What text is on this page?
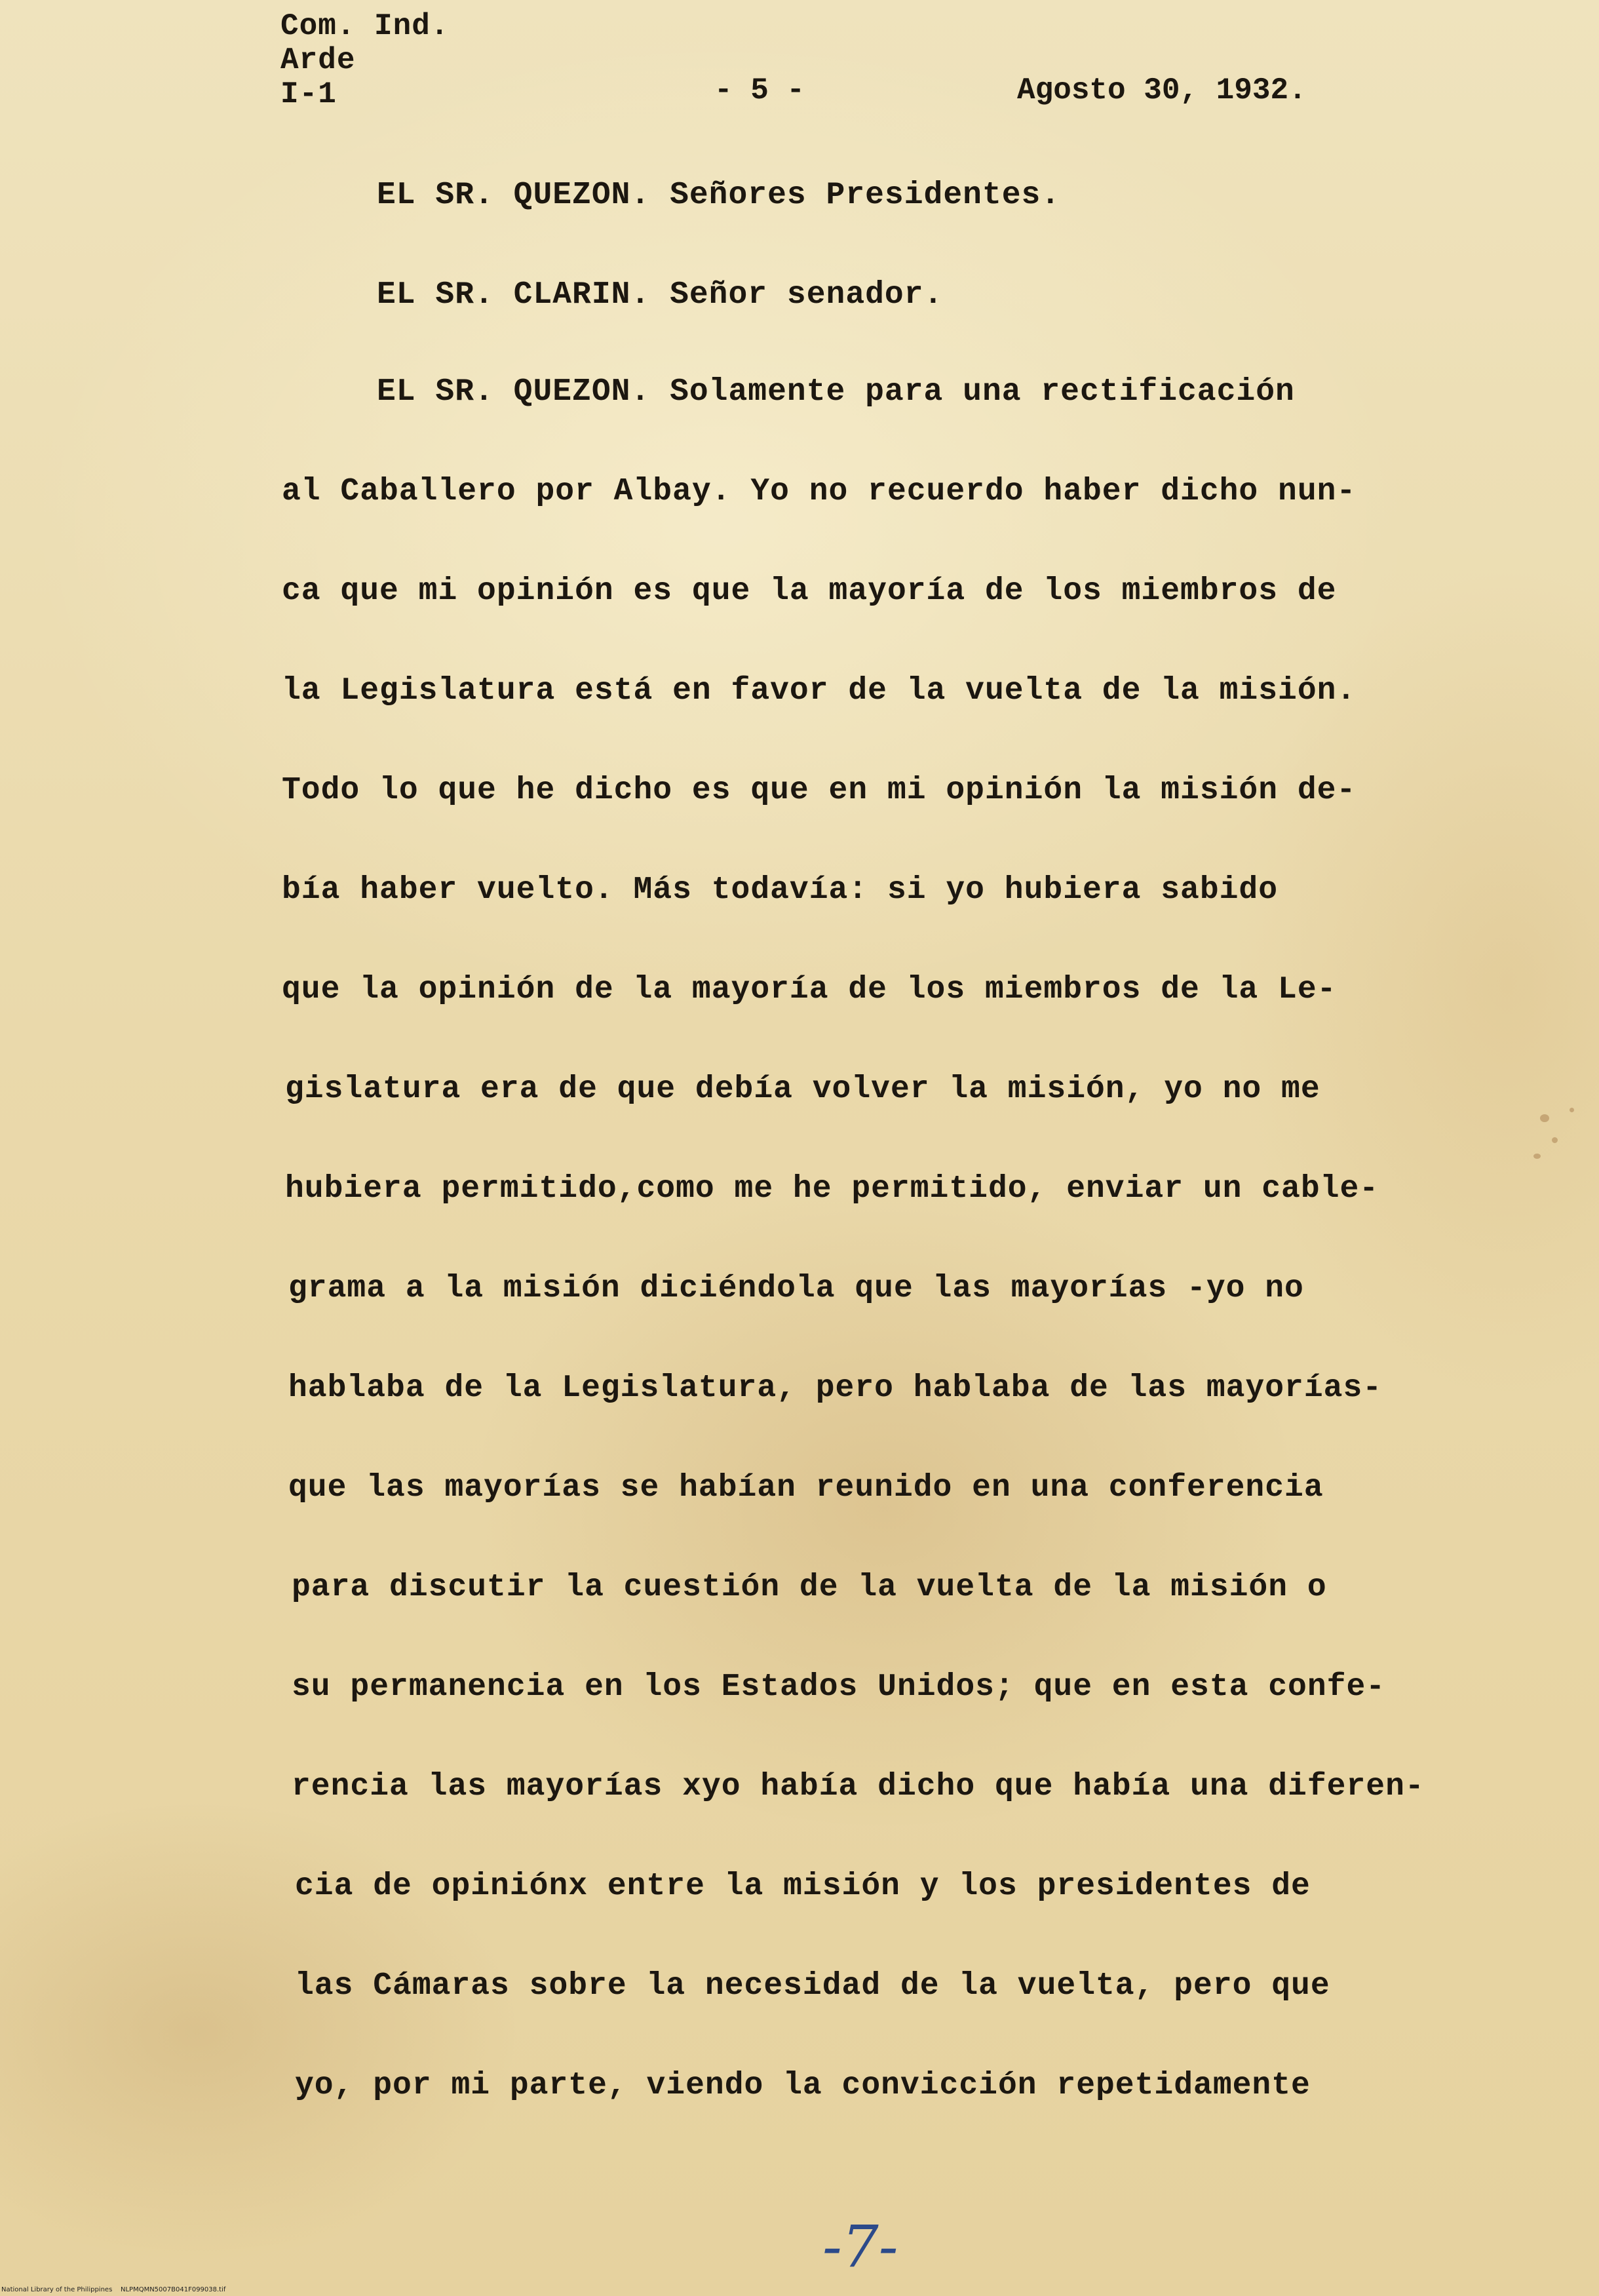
Com. Ind.
Arde
I-1	- 5 -	Agosto 30, 1932.

EL SR. QUEZON. Señores Presidentes.

EL SR. CLARIN. Señor senador.

EL SR. QUEZON. Solamente para una rectificación

al Caballero por Albay. Yo no recuerdo haber dicho nun-

ca que mi opinión es que la mayoría de los miembros de

la Legislatura está en favor de la vuelta de la misión.

Todo lo que he dicho es que en mi opinión la misión de-

bía haber vuelto. Más todavía: si yo hubiera sabido

que la opinión de la mayoría de los miembros de la Le-

gislatura era de que debía volver la misión, yo no me

hubiera permitido,como me he permitido, enviar un cable-

grama a la misión diciéndola que las mayorías -yo no

hablaba de la Legislatura, pero hablaba de las mayorías-

que las mayorías se habían reunido en una conferencia

para discutir la cuestión de la vuelta de la misión o

su permanencia en los Estados Unidos; que en esta confe-

rencia las mayorías xyo había dicho que había una diferen-

cia de opiniónx entre la misión y los presidentes de

las Cámaras sobre la necesidad de la vuelta, pero que

yo, por mi parte, viendo la convicción repetidamente

-7-
National Library of the Philippines    NLPMQMN5007B041F099038.tif
